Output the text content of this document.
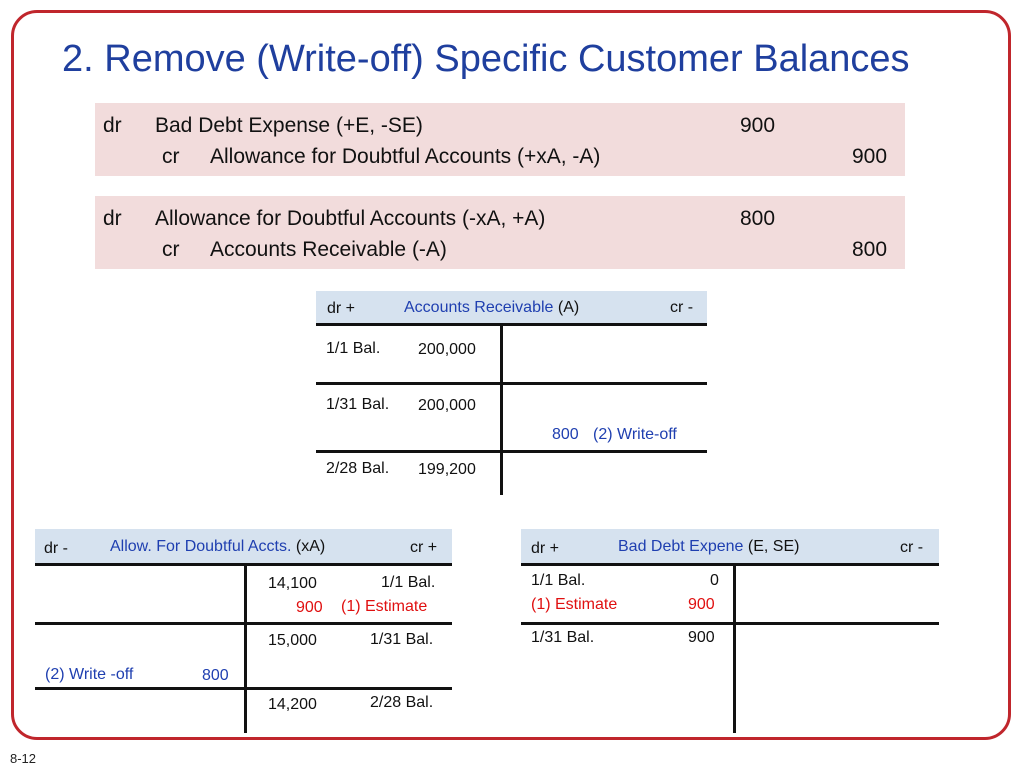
2. Remove (Write-off) Specific Customer Balances
dr Bad Debt Expense (+E, -SE)	900
cr Allowance for Doubtful Accounts (+xA, -A)	900
dr Allowance for Doubtful Accounts (-xA, +A)	800
cr Accounts Receivable (-A)	800
dr +	Accounts Receivable (A)	cr -
1/1 Bal. 200,000
1/31 Bal. 200,000
800 (2) Write-off
2/28 Bal. 199,200
dr -	Allow. For Doubtful Accts. (xA)	cr +
14,100	1/1 Bal.
900 (1) Estimate
15,000	1/31 Bal.
(2) Write -off	800
14,200	2/28 Bal.
dr +	Bad Debt Expene (E, SE)	cr -
1/1 Bal.	0
(1) Estimate	900
1/31 Bal.	900
8-12
